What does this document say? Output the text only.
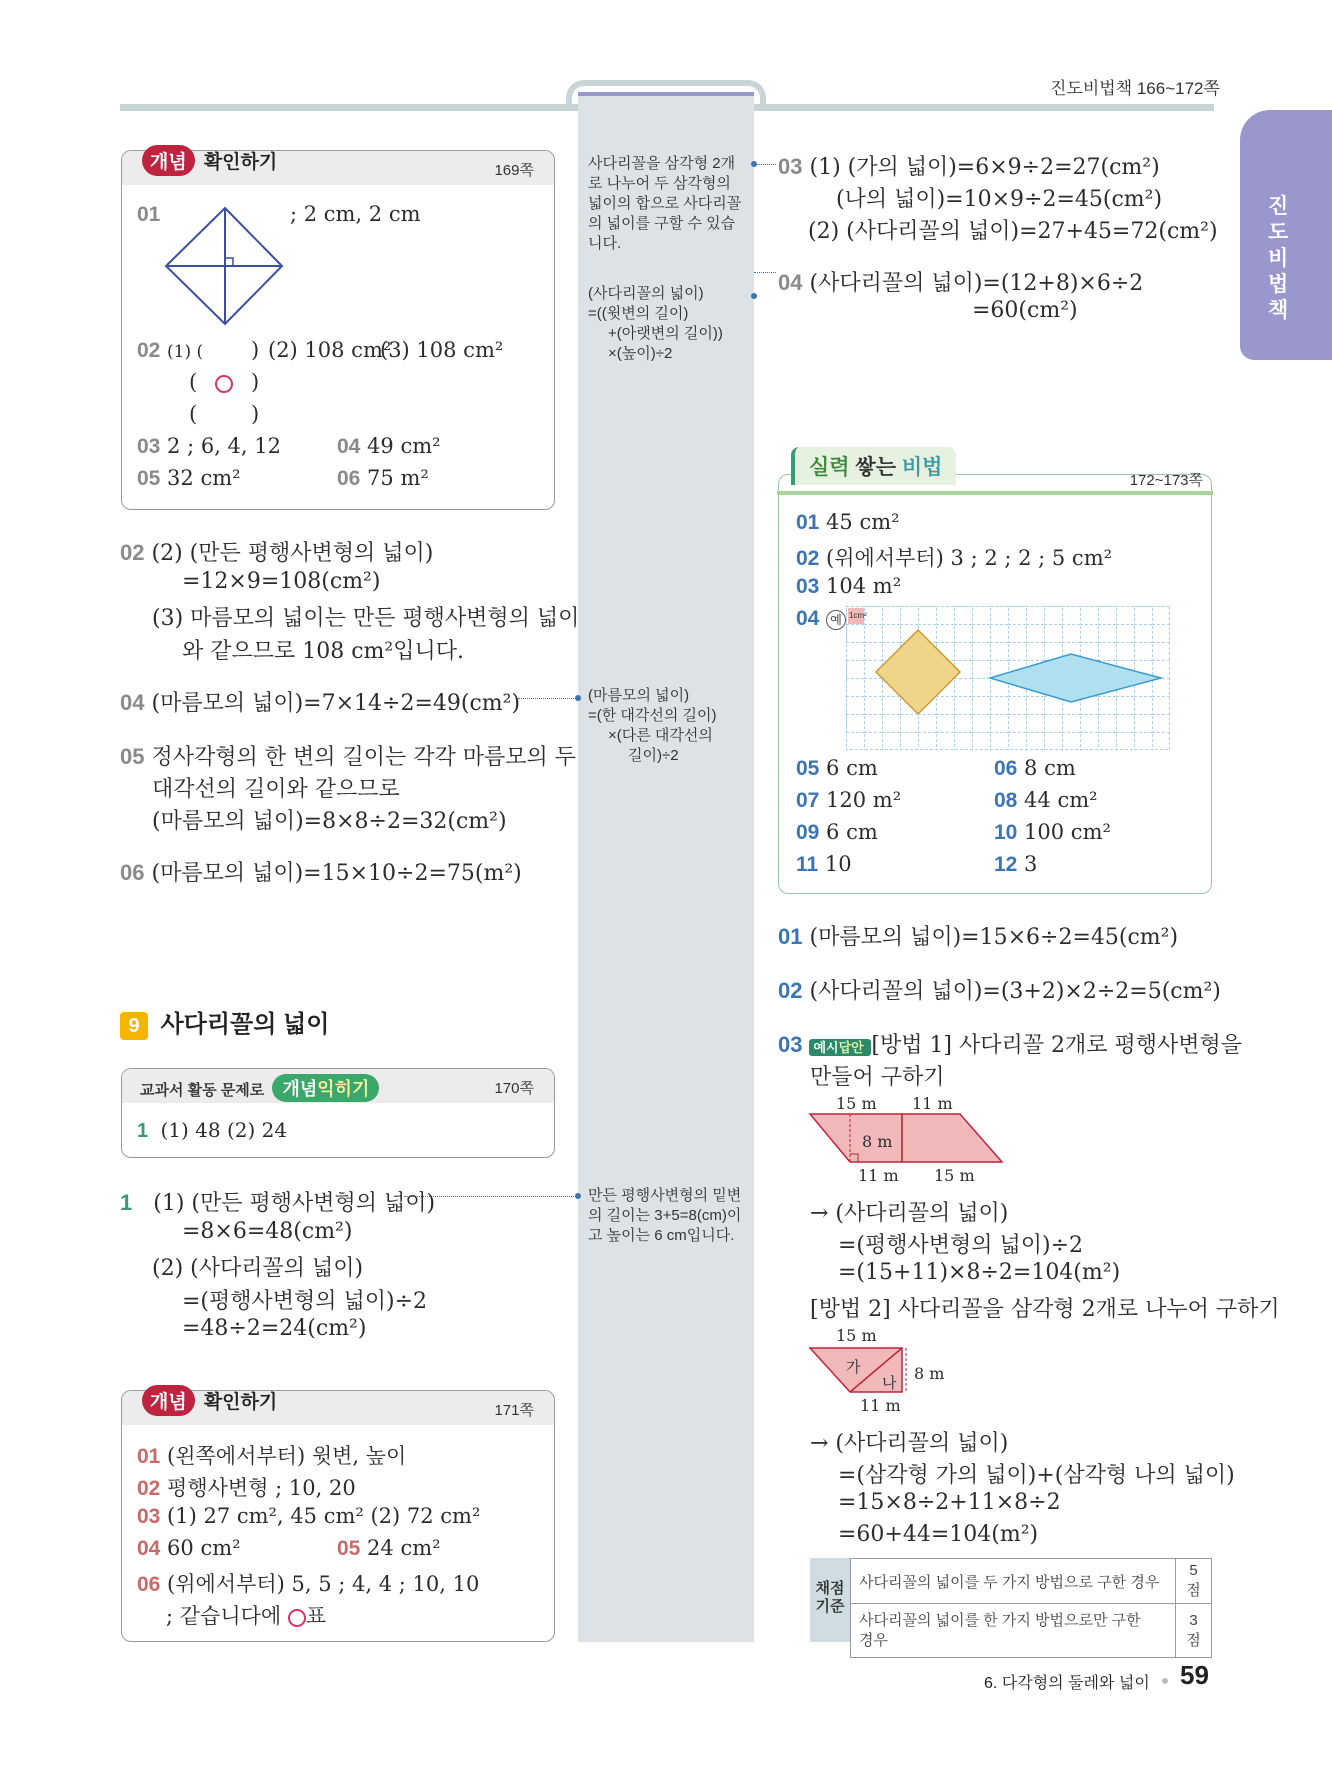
진도비법책 166~172쪽
진
도
비
법
책
사다리꼴을 삼각형 2개로 나누어 두 삼각형의 넓이의 합으로 사다리꼴의 넓이를 구할 수 있습니다.
(사다리꼴의 넓이)
=((윗변의 길이)
+(아랫변의 길이))
×(높이)÷2
(마름모의 넓이)
=(한 대각선의 길이)
×(다른 대각선의
길이)÷2
만든 평행사변형의 밑변의 길이는 3+5=8(cm)이고 높이는 6 cm입니다.
개념 확인하기	169쪽
01	; 2 cm, 2 cm
02 (1) ( ) (2) 108 cm²
(3) 108 cm²
( ○ )
(	)
03 2 ; 6, 4, 12	04 49 cm²
05 32 cm²	06 75 m²
02 (2) (만든 평행사변형의 넓이)
=12×9=108(cm²)
(3) 마름모의 넓이는 만든 평행사변형의 넓이
와 같으므로 108 cm²입니다.
04 (마름모의 넓이)=7×14÷2=49(cm²)
05 정사각형의 한 변의 길이는 각각 마름모의 두
대각선의 길이와 같으므로
(마름모의 넓이)=8×8÷2=32(cm²)
06 (마름모의 넓이)=15×10÷2=75(m²)
9 사다리꼴의 넓이
교과서 활동 문제로 개념익히기	170쪽
1 (1) 48 (2) 24
1 (1) (만든 평행사변형의 넓이)
=8×6=48(cm²)
(2) (사다리꼴의 넓이)
=(평행사변형의 넓이)÷2
=48÷2=24(cm²)
개념 확인하기	171쪽
01 (왼쪽에서부터) 윗변, 높이
02 평행사변형 ; 10, 20
03 (1) 27 cm², 45 cm² (2) 72 cm²
04 60 cm²	05 24 cm²
06 (위에서부터) 5, 5 ; 4, 4 ; 10, 10
; 같습니다에 ○표
03 (1) (가의 넓이)=6×9÷2=27(cm²)
(나의 넓이)=10×9÷2=45(cm²)
(2) (사다리꼴의 넓이)=27+45=72(cm²)
04 (사다리꼴의 넓이)=(12+8)×6÷2
=60(cm²)
실력 쌓는 비법
172~173쪽
01 45 cm²
02 (위에서부터) 3 ; 2 ; 2 ; 5 cm²
03 104 m²
04 예 1cm²
05 6 cm	06 8 cm
07 120 m²	08 44 cm²
09 6 cm	10 100 cm²
11 10	12 3
01 (마름모의 넓이)=15×6÷2=45(cm²)
02 (사다리꼴의 넓이)=(3+2)×2÷2=5(cm²)
03 예시답안 [방법 1] 사다리꼴 2개로 평행사변형을
만들어 구하기
15 m 11 m
8 m
11 m 15 m
→ (사다리꼴의 넓이)
=(평행사변형의 넓이)÷2
=(15+11)×8÷2=104(m²)
[방법 2] 사다리꼴을 삼각형 2개로 나누어 구하기
15 m
가
나
8 m
11 m
→ (사다리꼴의 넓이)
=(삼각형 가의 넓이)+(삼각형 나의 넓이)
=15×8÷2+11×8÷2
=60+44=104(m²)
채점
기준
사다리꼴의 넓이를 두 가지 방법으로 구한 경우	5점

사다리꼴의 넓이를 한 가지 방법으로만 구한
경우	3점
6. 다각형의 둘레와 넓이 59
